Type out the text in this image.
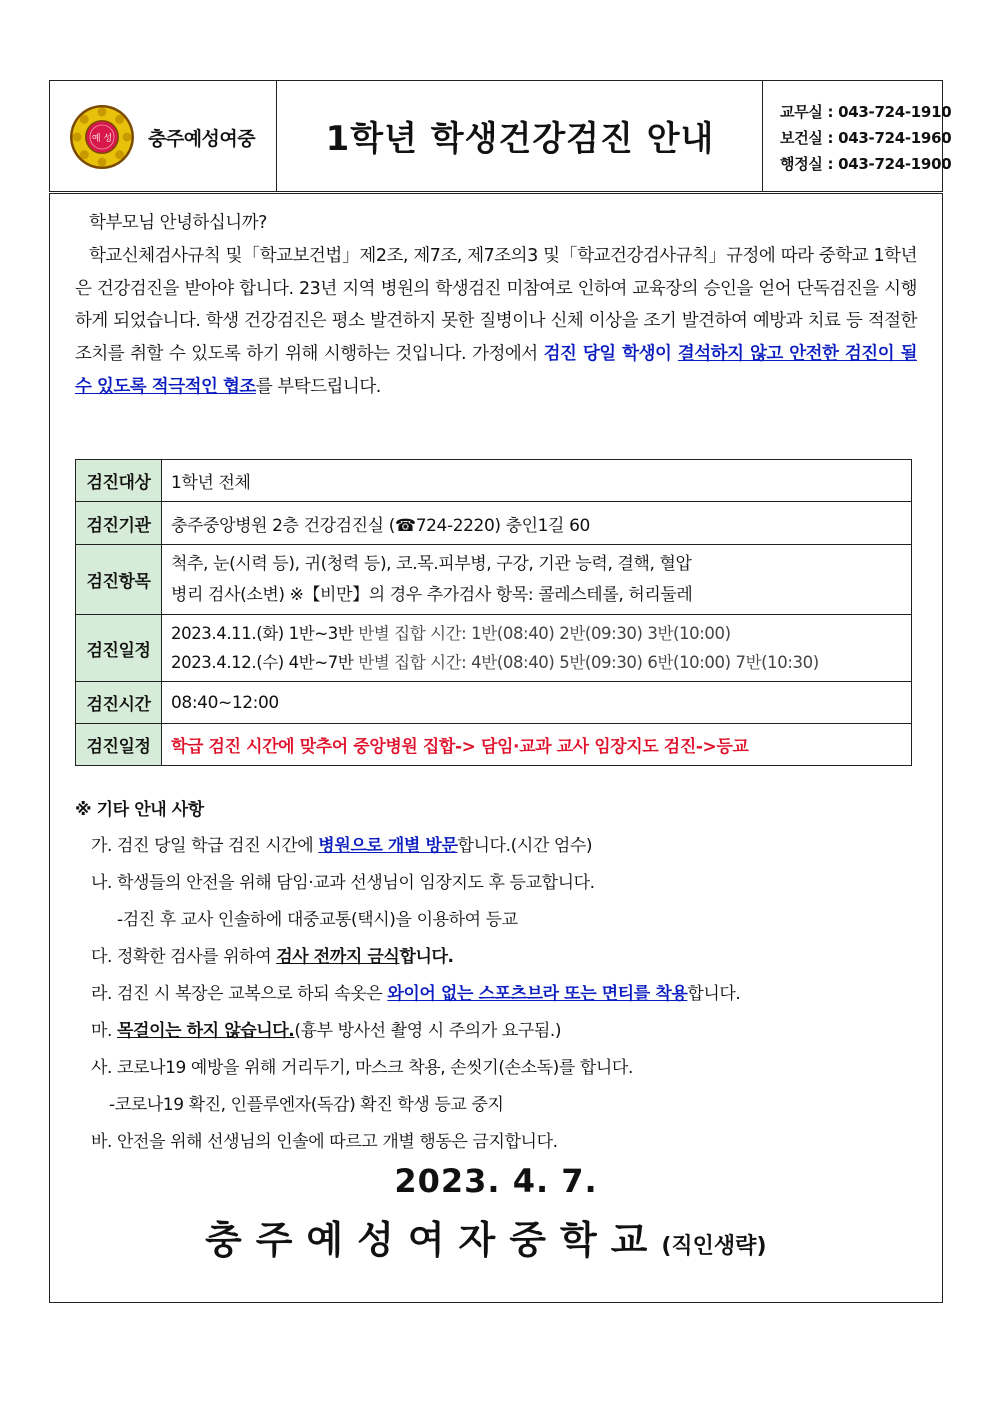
예 성 충주예성여중	1학년 학생건강검진 안내
교무실 : 043-724-1910
보건실 : 043-724-1960
행정실 : 043-724-1900

학부모님 안녕하십니까?

학교신체검사규칙 및「학교보건법」제2조, 제7조, 제7조의3 및「학교건강검사규칙」규정에 따라 중학교 1학년은 건강검진을 받아야 합니다. 23년 지역 병원의 학생검진 미참여로 인하여 교육장의 승인을 얻어 단독검진을 시행하게 되었습니다. 학생 건강검진은 평소 발견하지 못한 질병이나 신체 이상을 조기 발견하여 예방과 치료 등 적절한 조치를 취할 수 있도록 하기 위해 시행하는 것입니다. 가정에서 검진 당일 학생이 결석하지 않고 안전한 검진이 될 수 있도록 적극적인 협조를 부탁드립니다.

검진대상	1학년 전체
검진기관	충주중앙병원 2층 건강검진실 (☎724-2220) 충인1길 60
검진항목	척추, 눈(시력 등), 귀(청력 등), 코.목.피부병, 구강, 기관 능력, 결핵, 혈압
병리 검사(소변) ※【비만】의 경우 추가검사 항목: 콜레스테롤, 허리둘레

검진일정	2023.4.11.(화) 1반~3반 반별 집합 시간: 1반(08:40) 2반(09:30) 3반(10:00)
2023.4.12.(수) 4반~7반 반별 집합 시간: 4반(08:40) 5반(09:30) 6반(10:00) 7반(10:30)

검진시간	08:40~12:00
검진일정	학급 검진 시간에 맞추어 중앙병원 집합-> 담임·교과 교사 임장지도 검진->등교
※ 기타 안내 사항
가. 검진 당일 학급 검진 시간에 병원으로 개별 방문합니다.(시간 엄수)
나. 학생들의 안전을 위해 담임·교과 선생님이 임장지도 후 등교합니다.
-검진 후 교사 인솔하에 대중교통(택시)을 이용하여 등교
다. 정확한 검사를 위하여 검사 전까지 금식합니다.
라. 검진 시 복장은 교복으로 하되 속옷은 와이어 없는 스포츠브라 또는 면티를 착용합니다.
마. 목걸이는 하지 않습니다.(흉부 방사선 촬영 시 주의가 요구됨.)
사. 코로나19 예방을 위해 거리두기, 마스크 착용, 손씻기(손소독)를 합니다.
-코로나19 확진, 인플루엔자(독감) 확진 학생 등교 중지
바. 안전을 위해 선생님의 인솔에 따르고 개별 행동은 금지합니다.
2023. 4. 7.
충주예성여자중학교(직인생략)
